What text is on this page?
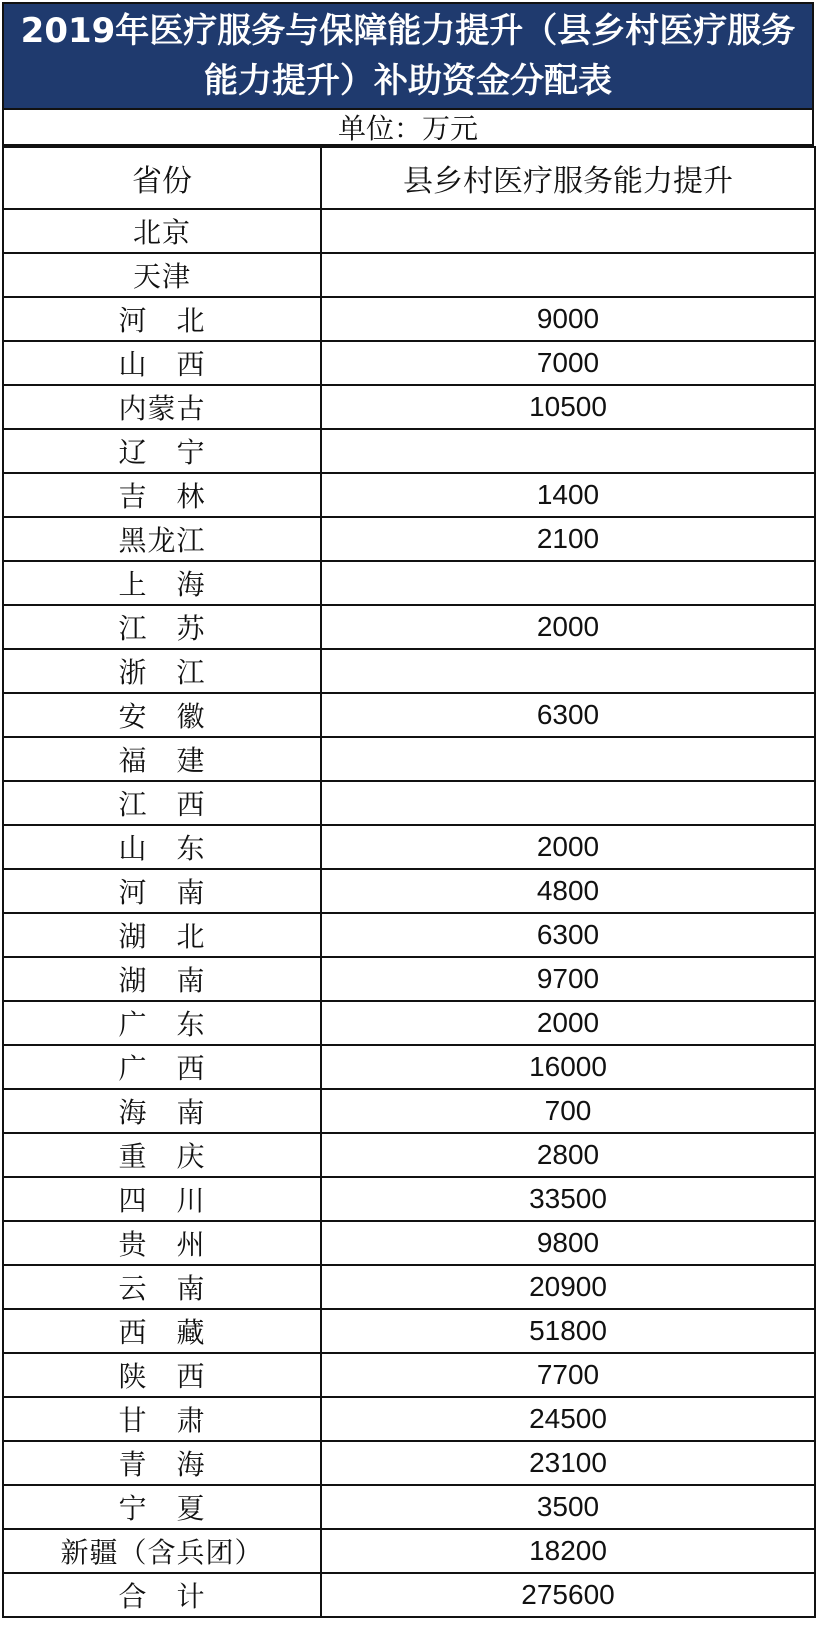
2019年医疗服务与保障能力提升（县乡村医疗服务能力提升）补助资金分配表
单位：万元
省份	县乡村医疗服务能力提升
北京	
天津	
河　北	9000
山　西	7000
内蒙古	10500
辽　宁	
吉　林	1400
黑龙江	2100
上　海	
江　苏	2000
浙　江	
安　徽	6300
福　建	
江　西	
山　东	2000
河　南	4800
湖　北	6300
湖　南	9700
广　东	2000
广　西	16000
海　南	700
重　庆	2800
四　川	33500
贵　州	9800
云　南	20900
西　藏	51800
陕　西	7700
甘　肃	24500
青　海	23100
宁　夏	3500
新疆（含兵团）	18200
合　计	275600
